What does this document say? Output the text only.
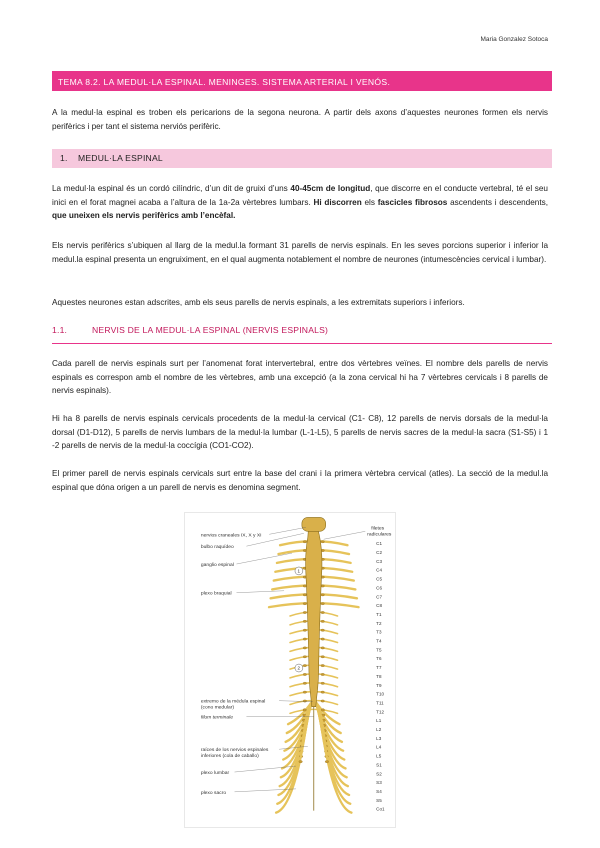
Maria Gonzalez Sotoca
TEMA 8.2. LA MEDUL·LA ESPINAL. MENINGES. SISTEMA ARTERIAL I VENÓS.

A la medul·la espinal es troben els pericarions de la segona neurona. A partir dels axons d’aquestes neurones formen els nervis perifèrics i per tant el sistema nerviós perifèric.

1. MEDUL·LA ESPINAL

La medul·la espinal és un cordó cilíndric, d’un dit de gruixi d’uns 40-45cm de longitud, que discorre en el conducte vertebral, té el seu inici en el forat magnei acaba a l’altura de la 1a-2a vèrtebres lumbars. Hi discorren els fascicles fibrosos ascendents i descendents, que uneixen els nervis perifèrics amb l’encèfal.

Els nervis perifèrics s’ubiquen al llarg de la medul.la formant 31 parells de nervis espinals. En les seves porcions superior i inferior la medul.la espinal presenta un engruiximent, en el qual augmenta notablement el nombre de neurones (intumescències cervical i lumbar).

Aquestes neurones estan adscrites, amb els seus parells de nervis espinals, a les extremitats superiors i inferiors.

1.1.	NERVIS DE LA MEDUL·LA ESPINAL (NERVIS ESPINALS)

Cada parell de nervis espinals surt per l’anomenat forat intervertebral, entre dos vèrtebres veïnes. El nombre dels parells de nervis espinals es correspon amb el nombre de les vèrtebres, amb una excepció (a la zona cervical hi ha 7 vèrtebres cervicals i 8 parells de nervis espinals).

Hi ha 8 parells de nervis espinals cervicals procedents de la medul·la cervical (C1- C8), 12 parells de nervis dorsals de la medul·la dorsal (D1-D12), 5 parells de nervis lumbars de la medul·la lumbar (L-1-L5), 5 parells de nervis sacres de la medul·la sacra (S1-S5) i 1 -2 parells de nervis de la medul·la coccígia (CO1-CO2).

El primer parell de nervis espinals cervicals surt entre la base del crani i la primera vèrtebra cervical (atles). La secció de la medul.la espinal que dóna origen a un parell de nervis es denomina segment.

nervios craneales IX, X y XI
bulbo raquídeo
ganglio espinal
plexo braquial
extremo de la médula espinal
(cono medular)
filum terminale
raíces de los nervios espinales
inferiores (cola de caballo)
plexo lumbar
plexo sacro
1
2
filetes
radiculares
C1
C2
C3
C4
C5
C6
C7
C8
T1
T2
T3
T4
T5
T6
T7
T8
T9
T10
T11
T12
L1
L2
L3
L4
L5
S1
S2
S3
S4
S5
Co1
